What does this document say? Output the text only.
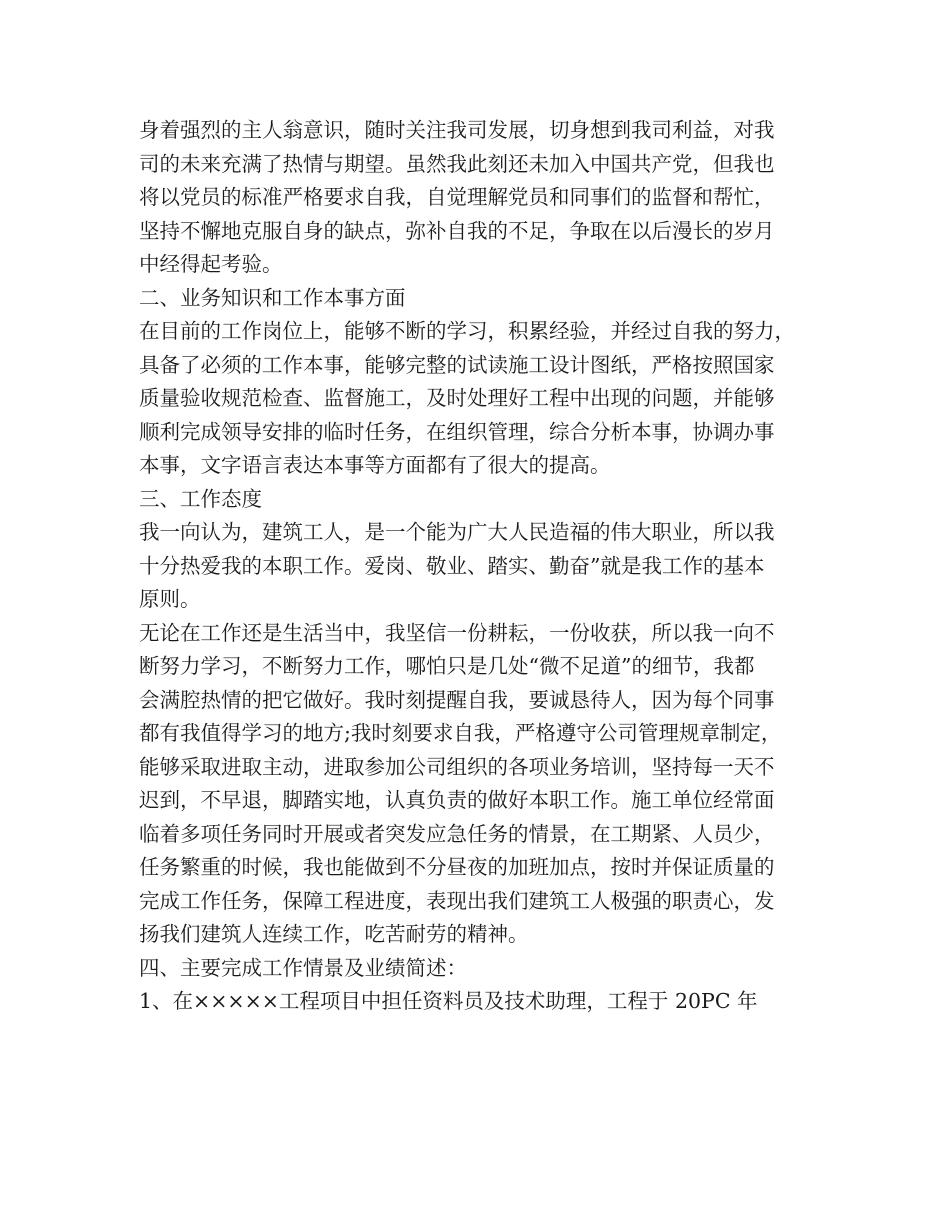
身着强烈的主人翁意识，随时关注我司发展，切身想到我司利益，对我
司的未来充满了热情与期望。虽然我此刻还未加入中国共产党，但我也
将以党员的标准严格要求自我，自觉理解党员和同事们的监督和帮忙，
坚持不懈地克服自身的缺点，弥补自我的不足，争取在以后漫长的岁月
中经得起考验。
二、业务知识和工作本事方面
在目前的工作岗位上，能够不断的学习，积累经验，并经过自我的努力，
具备了必须的工作本事，能够完整的试读施工设计图纸，严格按照国家
质量验收规范检查、监督施工，及时处理好工程中出现的问题，并能够
顺利完成领导安排的临时任务，在组织管理，综合分析本事，协调办事
本事，文字语言表达本事等方面都有了很大的提高。
三、工作态度
我一向认为，建筑工人，是一个能为广大人民造福的伟大职业，所以我
十分热爱我的本职工作。爱岗、敬业、踏实、勤奋”就是我工作的基本
原则。
无论在工作还是生活当中，我坚信一份耕耘，一份收获，所以我一向不
断努力学习，不断努力工作，哪怕只是几处“微不足道”的细节，我都
会满腔热情的把它做好。我时刻提醒自我，要诚恳待人，因为每个同事
都有我值得学习的地方;我时刻要求自我，严格遵守公司管理规章制定，
能够采取进取主动，进取参加公司组织的各项业务培训，坚持每一天不
迟到，不早退，脚踏实地，认真负责的做好本职工作。施工单位经常面
临着多项任务同时开展或者突发应急任务的情景，在工期紧、人员少，
任务繁重的时候，我也能做到不分昼夜的加班加点，按时并保证质量的
完成工作任务，保障工程进度，表现出我们建筑工人极强的职责心，发
扬我们建筑人连续工作，吃苦耐劳的精神。
四、主要完成工作情景及业绩简述：
1、在×××××工程项目中担任资料员及技术助理，工程于 20PC 年
